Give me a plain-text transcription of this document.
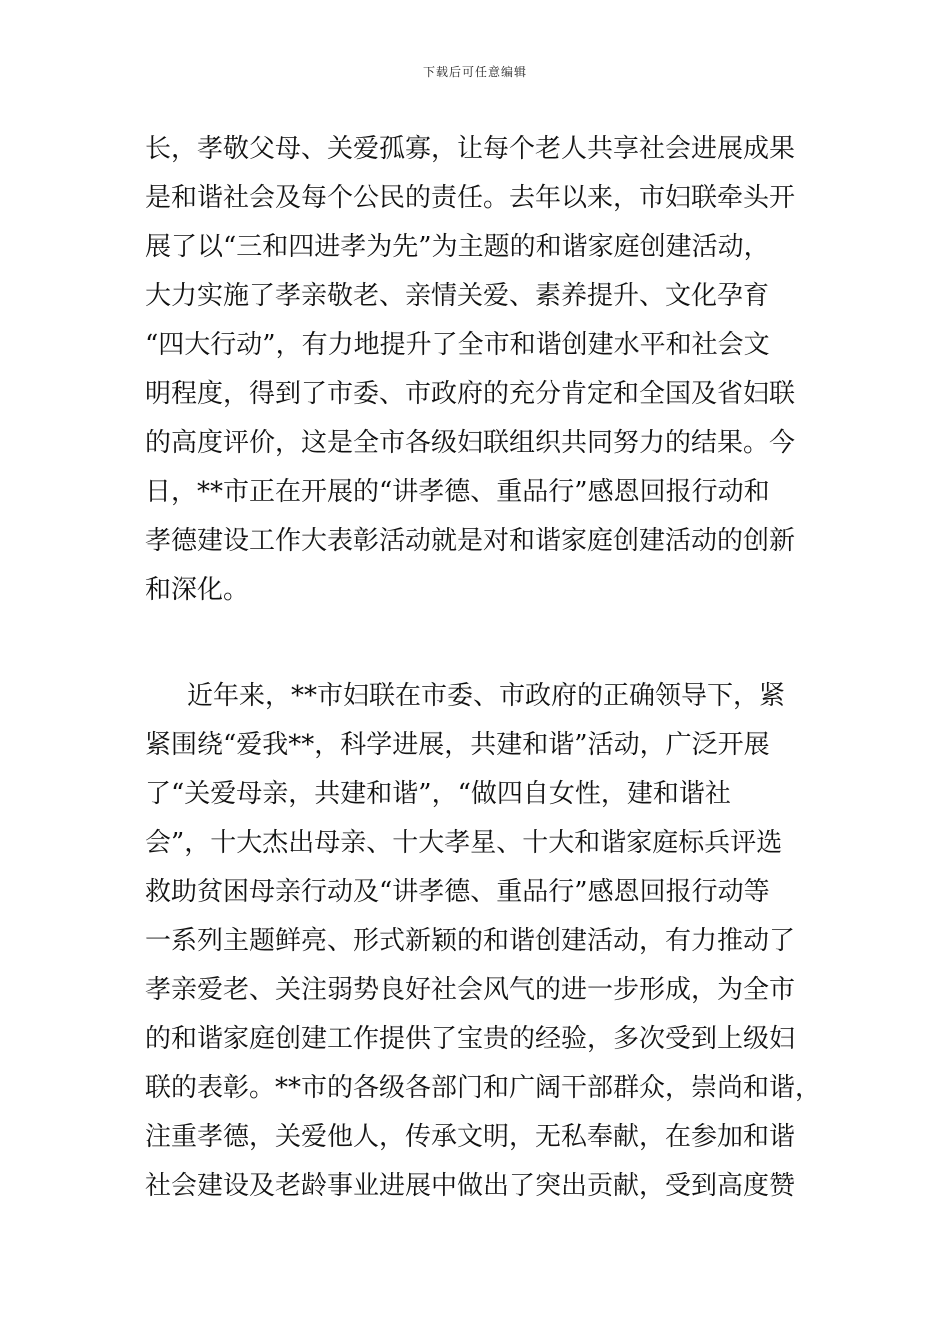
下载后可任意编辑
长，孝敬父母、关爱孤寡，让每个老人共享社会进展成果
是和谐社会及每个公民的责任。去年以来，市妇联牵头开
展了以“三和四进孝为先”为主题的和谐家庭创建活动，
大力实施了孝亲敬老、亲情关爱、素养提升、文化孕育
“四大行动”，有力地提升了全市和谐创建水平和社会文
明程度，得到了市委、市政府的充分肯定和全国及省妇联
的高度评价，这是全市各级妇联组织共同努力的结果。今
日，**市正在开展的“讲孝德、重品行”感恩回报行动和
孝德建设工作大表彰活动就是对和谐家庭创建活动的创新
和深化。
近年来，**市妇联在市委、市政府的正确领导下，紧
紧围绕“爱我**，科学进展，共建和谐”活动，广泛开展
了“关爱母亲，共建和谐”，“做四自女性，建和谐社
会”，十大杰出母亲、十大孝星、十大和谐家庭标兵评选
救助贫困母亲行动及“讲孝德、重品行”感恩回报行动等
一系列主题鲜亮、形式新颖的和谐创建活动，有力推动了
孝亲爱老、关注弱势良好社会风气的进一步形成，为全市
的和谐家庭创建工作提供了宝贵的经验，多次受到上级妇
联的表彰。**市的各级各部门和广阔干部群众，崇尚和谐，
注重孝德，关爱他人，传承文明，无私奉献，在参加和谐
社会建设及老龄事业进展中做出了突出贡献，受到高度赞
